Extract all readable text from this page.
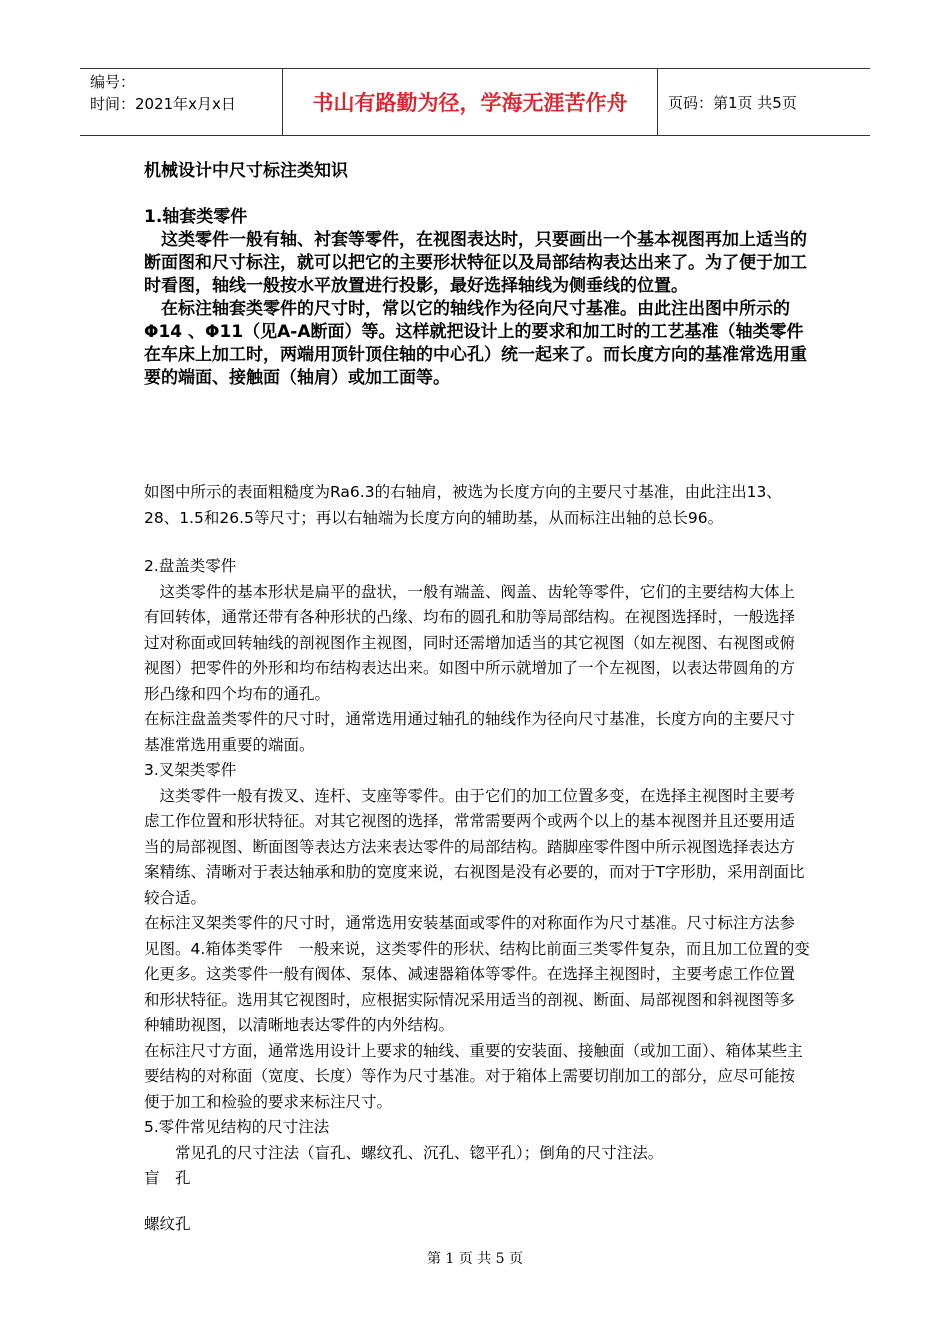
编号：
时间：2021年x月x日	书山有路勤为径，学海无涯苦作舟	页码：第1页 共5页
机械设计中尺寸标注类知识

1.轴套类零件

这类零件一般有轴、衬套等零件，在视图表达时，只要画出一个基本视图再加上适当的断面图和尺寸标注，就可以把它的主要形状特征以及局部结构表达出来了。为了便于加工时看图，轴线一般按水平放置进行投影，最好选择轴线为侧垂线的位置。

在标注轴套类零件的尺寸时，常以它的轴线作为径向尺寸基准。由此注出图中所示的Φ14 、Φ11（见A-A断面）等。这样就把设计上的要求和加工时的工艺基准（轴类零件在车床上加工时，两端用顶针顶住轴的中心孔）统一起来了。而长度方向的基准常选用重要的端面、接触面（轴肩）或加工面等。

如图中所示的表面粗糙度为Ra6.3的右轴肩，被选为长度方向的主要尺寸基准，由此注出13、28、1.5和26.5等尺寸；再以右轴端为长度方向的辅助基，从而标注出轴的总长96。

2.盘盖类零件

这类零件的基本形状是扁平的盘状，一般有端盖、阀盖、齿轮等零件，它们的主要结构大体上有回转体，通常还带有各种形状的凸缘、均布的圆孔和肋等局部结构。在视图选择时，一般选择过对称面或回转轴线的剖视图作主视图，同时还需增加适当的其它视图（如左视图、右视图或俯视图）把零件的外形和均布结构表达出来。如图中所示就增加了一个左视图，以表达带圆角的方形凸缘和四个均布的通孔。

在标注盘盖类零件的尺寸时，通常选用通过轴孔的轴线作为径向尺寸基准，长度方向的主要尺寸基准常选用重要的端面。

3.叉架类零件

这类零件一般有拨叉、连杆、支座等零件。由于它们的加工位置多变，在选择主视图时主要考虑工作位置和形状特征。对其它视图的选择，常常需要两个或两个以上的基本视图并且还要用适当的局部视图、断面图等表达方法来表达零件的局部结构。踏脚座零件图中所示视图选择表达方案精练、清晰对于表达轴承和肋的宽度来说，右视图是没有必要的，而对于T字形肋，采用剖面比较合适。

在标注叉架类零件的尺寸时，通常选用安装基面或零件的对称面作为尺寸基准。尺寸标注方法参见图。4.箱体类零件　一般来说，这类零件的形状、结构比前面三类零件复杂，而且加工位置的变化更多。这类零件一般有阀体、泵体、减速器箱体等零件。在选择主视图时，主要考虑工作位置和形状特征。选用其它视图时，应根据实际情况采用适当的剖视、断面、局部视图和斜视图等多种辅助视图，以清晰地表达零件的内外结构。

在标注尺寸方面，通常选用设计上要求的轴线、重要的安装面、接触面（或加工面）、箱体某些主要结构的对称面（宽度、长度）等作为尺寸基准。对于箱体上需要切削加工的部分，应尽可能按便于加工和检验的要求来标注尺寸。

5.零件常见结构的尺寸注法

常见孔的尺寸注法（盲孔、螺纹孔、沉孔、锪平孔）；倒角的尺寸注法。

盲　孔

螺纹孔

第 1 页 共 5 页
